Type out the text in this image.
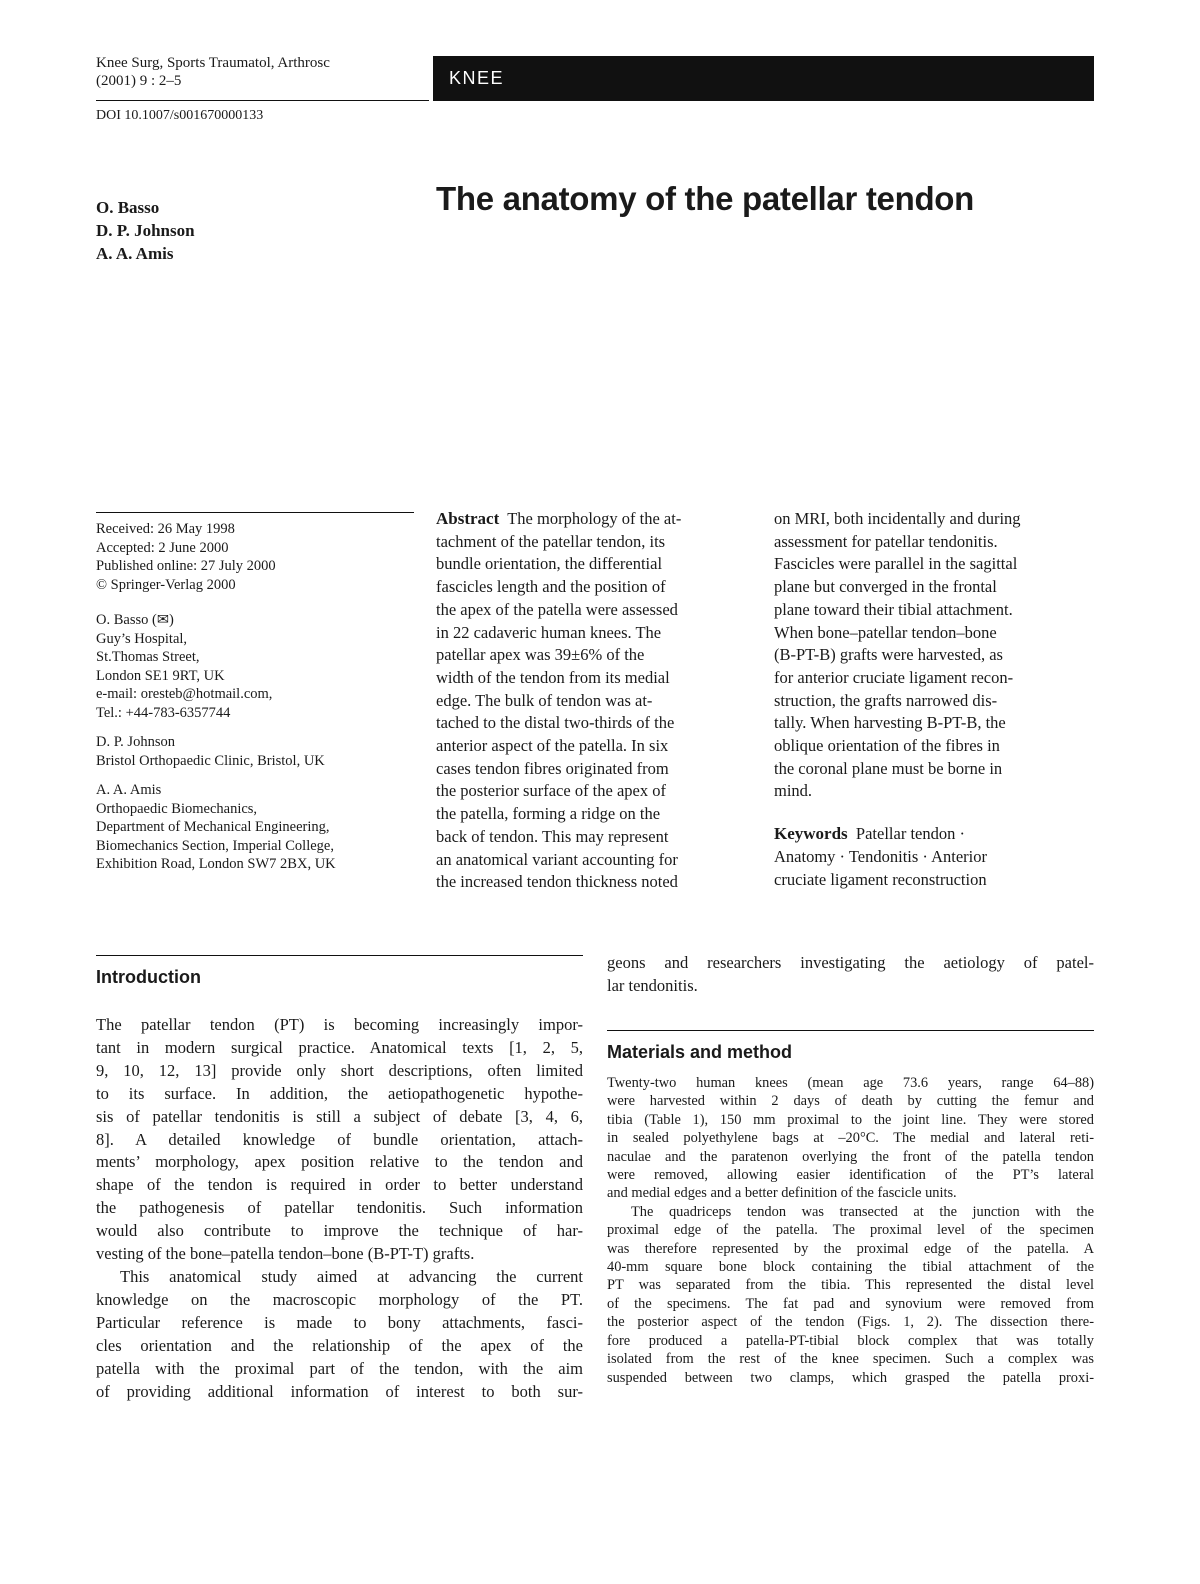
Knee Surg, Sports Traumatol, Arthrosc
(2001) 9 : 2–5	KNEE
DOI 10.1007/s001670000133
O. Basso
D. P. Johnson
A. A. Amis
The anatomy of the patellar tendon
Received: 26 May 1998
Accepted: 2 June 2000
Published online: 27 July 2000
© Springer-Verlag 2000
O. Basso (✉)
Guy’s Hospital,
St.Thomas Street,
London SE1 9RT, UK
e-mail: oresteb@hotmail.com,
Tel.: +44-783-6357744
D. P. Johnson
Bristol Orthopaedic Clinic, Bristol, UK
A. A. Amis
Orthopaedic Biomechanics,
Department of Mechanical Engineering,
Biomechanics Section, Imperial College,
Exhibition Road, London SW7 2BX, UK
Abstract The morphology of the at-
tachment of the patellar tendon, its
bundle orientation, the differential
fascicles length and the position of
the apex of the patella were assessed
in 22 cadaveric human knees. The
patellar apex was 39±6% of the
width of the tendon from its medial
edge. The bulk of tendon was at-
tached to the distal two-thirds of the
anterior aspect of the patella. In six
cases tendon fibres originated from
the posterior surface of the apex of
the patella, forming a ridge on the
back of tendon. This may represent
an anatomical variant accounting for
the increased tendon thickness noted
on MRI, both incidentally and during
assessment for patellar tendonitis.
Fascicles were parallel in the sagittal
plane but converged in the frontal
plane toward their tibial attachment.
When bone–patellar tendon–bone
(B-PT-B) grafts were harvested, as
for anterior cruciate ligament recon-
struction, the grafts narrowed dis-
tally. When harvesting B-PT-B, the
oblique orientation of the fibres in
the coronal plane must be borne in
mind.
Keywords Patellar tendon ·
Anatomy · Tendonitis · Anterior
cruciate ligament reconstruction
Introduction
The patellar tendon (PT) is becoming increasingly impor-
tant in modern surgical practice. Anatomical texts [1, 2, 5,
9, 10, 12, 13] provide only short descriptions, often limited
to its surface. In addition, the aetiopathogenetic hypothe-
sis of patellar tendonitis is still a subject of debate [3, 4, 6,
8]. A detailed knowledge of bundle orientation, attach-
ments’ morphology, apex position relative to the tendon and
shape of the tendon is required in order to better understand
the pathogenesis of patellar tendonitis. Such information
would also contribute to improve the technique of har-
vesting of the bone–patella tendon–bone (B-PT-T) grafts.
This anatomical study aimed at advancing the current
knowledge on the macroscopic morphology of the PT.
Particular reference is made to bony attachments, fasci-
cles orientation and the relationship of the apex of the
patella with the proximal part of the tendon, with the aim
of providing additional information of interest to both sur-
geons and researchers investigating the aetiology of patel-
lar tendonitis.
Materials and method
Twenty-two human knees (mean age 73.6 years, range 64–88)
were harvested within 2 days of death by cutting the femur and
tibia (Table 1), 150 mm proximal to the joint line. They were stored
in sealed polyethylene bags at –20°C. The medial and lateral reti-
naculae and the paratenon overlying the front of the patella tendon
were removed, allowing easier identification of the PT’s lateral
and medial edges and a better definition of the fascicle units.
The quadriceps tendon was transected at the junction with the
proximal edge of the patella. The proximal level of the specimen
was therefore represented by the proximal edge of the patella. A
40-mm square bone block containing the tibial attachment of the
PT was separated from the tibia. This represented the distal level
of the specimens. The fat pad and synovium were removed from
the posterior aspect of the tendon (Figs. 1, 2). The dissection there-
fore produced a patella-PT-tibial block complex that was totally
isolated from the rest of the knee specimen. Such a complex was
suspended between two clamps, which grasped the patella proxi-
